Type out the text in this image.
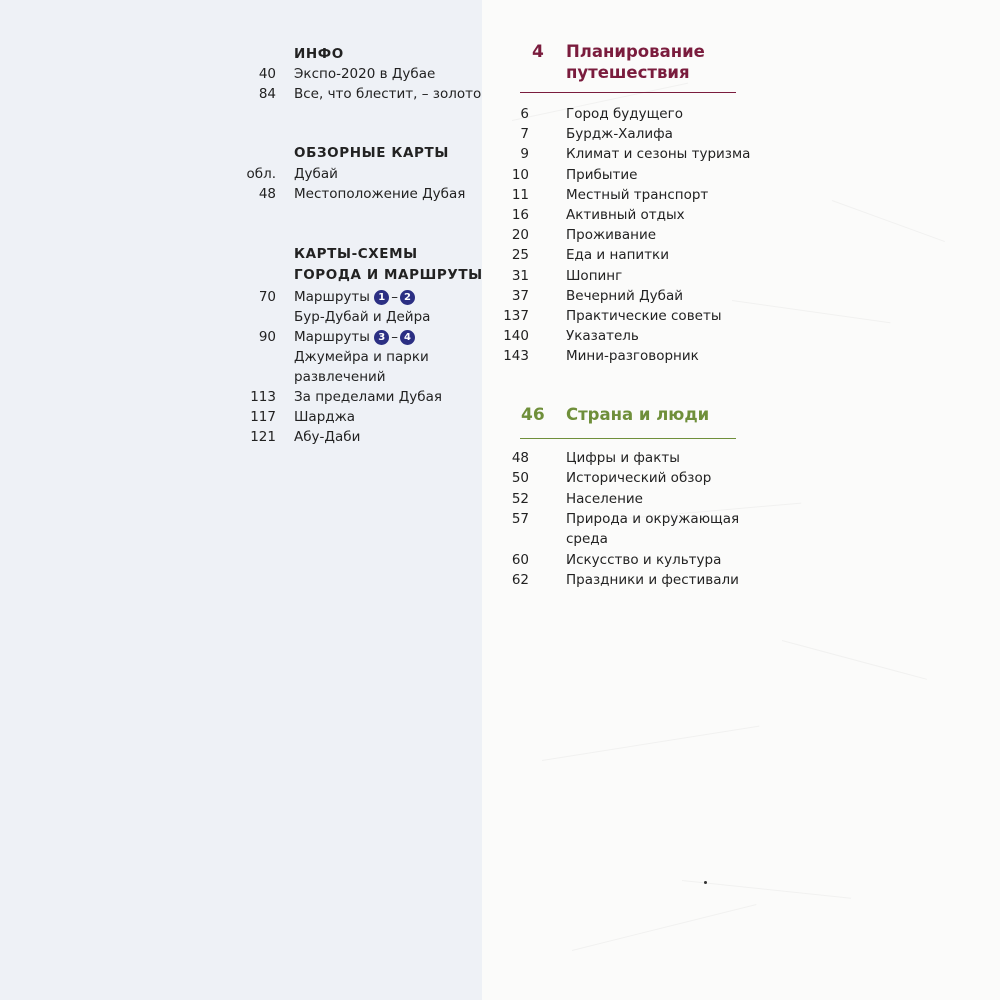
ИНФО
40 Экспо-2020 в Дубае
84 Все, что блестит, – золото
ОБЗОРНЫЕ КАРТЫ
обл. Дубай
48 Местоположение Дубая
КАРТЫ-СХЕМЫ
ГОРОДА И МАРШРУТЫ
70 Маршруты 1 – 2
Бур-Дубай и Дейра
90 Маршруты 3 – 4
Джумейра и парки
развлечений
113 За пределами Дубая
117 Шарджа
121 Абу-Даби
4 Планирование
путешествия
6	Город будущего
7	Бурдж-Халифа
9	Климат и сезоны туризма
10	Прибытие
11	Местный транспорт
16	Активный отдых
20	Проживание
25	Еда и напитки
31	Шопинг
37	Вечерний Дубай
137	Практические советы
140	Указатель
143	Мини-разговорник
46 Страна и люди
48	Цифры и факты
50	Исторический обзор
52	Население
57	Природа и окружающая
среда
60	Искусство и культура
62	Праздники и фестивали
